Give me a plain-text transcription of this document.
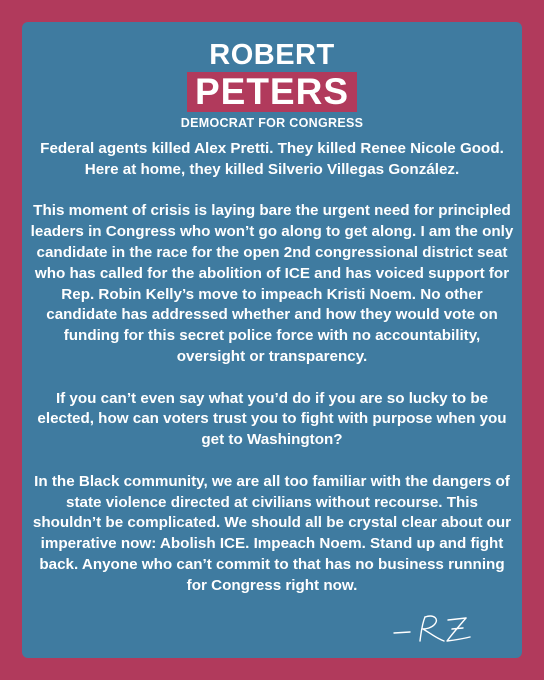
ROBERT
PETERS
DEMOCRAT FOR CONGRESS

Federal agents killed Alex Pretti. They killed Renee Nicole Good. Here at home, they killed Silverio Villegas González.

This moment of crisis is laying bare the urgent need for principled leaders in Congress who won’t go along to get along. I am the only candidate in the race for the open 2nd congressional district seat who has called for the abolition of ICE and has voiced support for Rep. Robin Kelly’s move to impeach Kristi Noem. No other candidate has addressed whether and how they would vote on funding for this secret police force with no accountability, oversight or transparency.

If you can’t even say what you’d do if you are so lucky to be elected, how can voters trust you to fight with purpose when you get to Washington?

In the Black community, we are all too familiar with the dangers of state violence directed at civilians without recourse. This shouldn’t be complicated. We should all be crystal clear about our imperative now: Abolish ICE. Impeach Noem. Stand up and fight back. Anyone who can’t commit to that has no business running for Congress right now.
